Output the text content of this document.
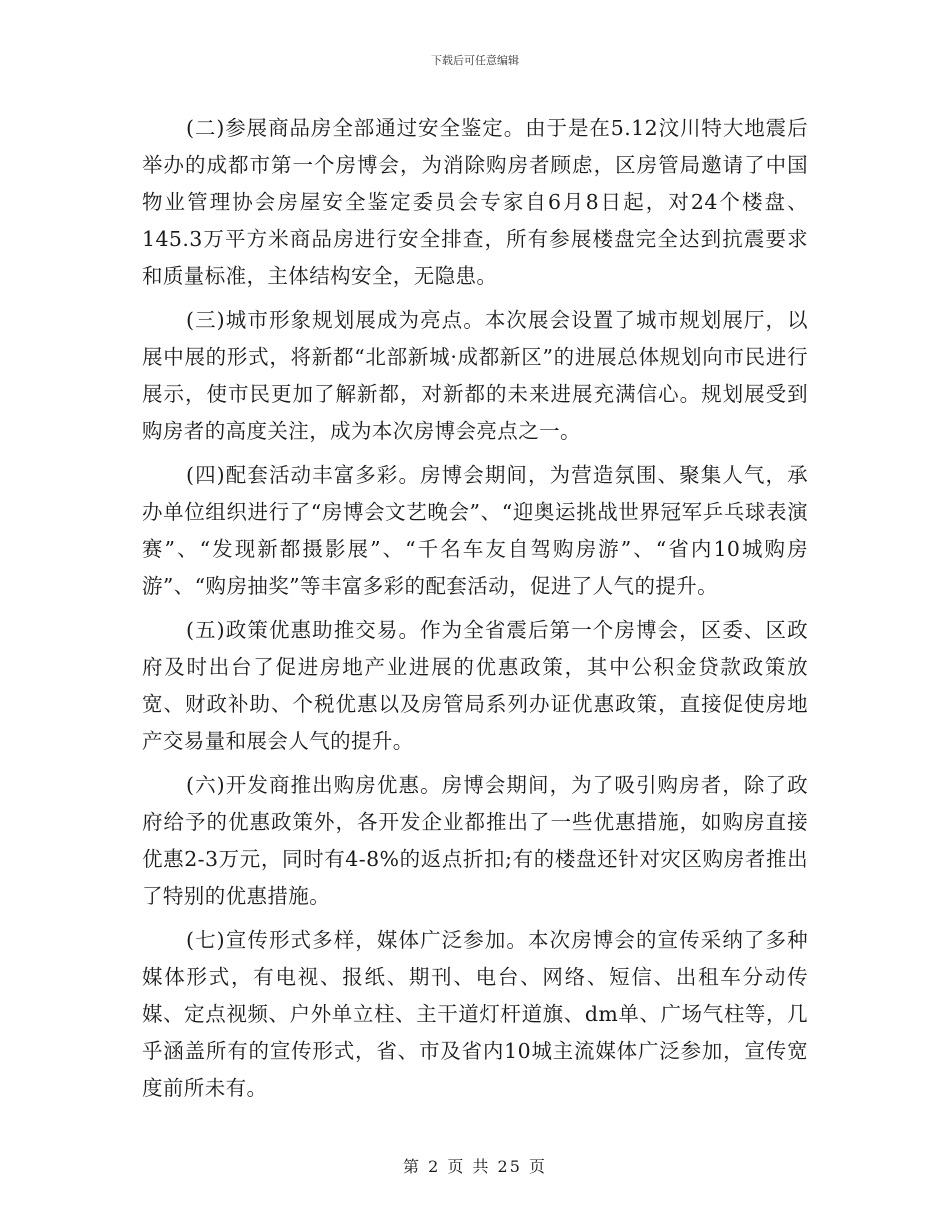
下载后可任意编辑

(二)参展商品房全部通过安全鉴定。由于是在5.12汶川特大地震后举办的成都市第一个房博会，为消除购房者顾虑，区房管局邀请了中国物业管理协会房屋安全鉴定委员会专家自6月8日起，对24个楼盘、145.3万平方米商品房进行安全排查，所有参展楼盘完全达到抗震要求和质量标准，主体结构安全，无隐患。

(三)城市形象规划展成为亮点。本次展会设置了城市规划展厅，以展中展的形式，将新都“北部新城·成都新区”的进展总体规划向市民进行展示，使市民更加了解新都，对新都的未来进展充满信心。规划展受到购房者的高度关注，成为本次房博会亮点之一。

(四)配套活动丰富多彩。房博会期间，为营造氛围、聚集人气，承办单位组织进行了“房博会文艺晚会”、“迎奥运挑战世界冠军乒乓球表演赛”、“发现新都摄影展”、“千名车友自驾购房游”、“省内10城购房游”、“购房抽奖”等丰富多彩的配套活动，促进了人气的提升。

(五)政策优惠助推交易。作为全省震后第一个房博会，区委、区政府及时出台了促进房地产业进展的优惠政策，其中公积金贷款政策放宽、财政补助、个税优惠以及房管局系列办证优惠政策，直接促使房地产交易量和展会人气的提升。

(六)开发商推出购房优惠。房博会期间，为了吸引购房者，除了政府给予的优惠政策外，各开发企业都推出了一些优惠措施，如购房直接优惠2-3万元，同时有4-8%的返点折扣;有的楼盘还针对灾区购房者推出了特别的优惠措施。

(七)宣传形式多样，媒体广泛参加。本次房博会的宣传采纳了多种媒体形式，有电视、报纸、期刊、电台、网络、短信、出租车分动传媒、定点视频、户外单立柱、主干道灯杆道旗、dm单、广场气柱等，几乎涵盖所有的宣传形式，省、市及省内10城主流媒体广泛参加，宣传宽度前所未有。

第 2 页 共 25 页
